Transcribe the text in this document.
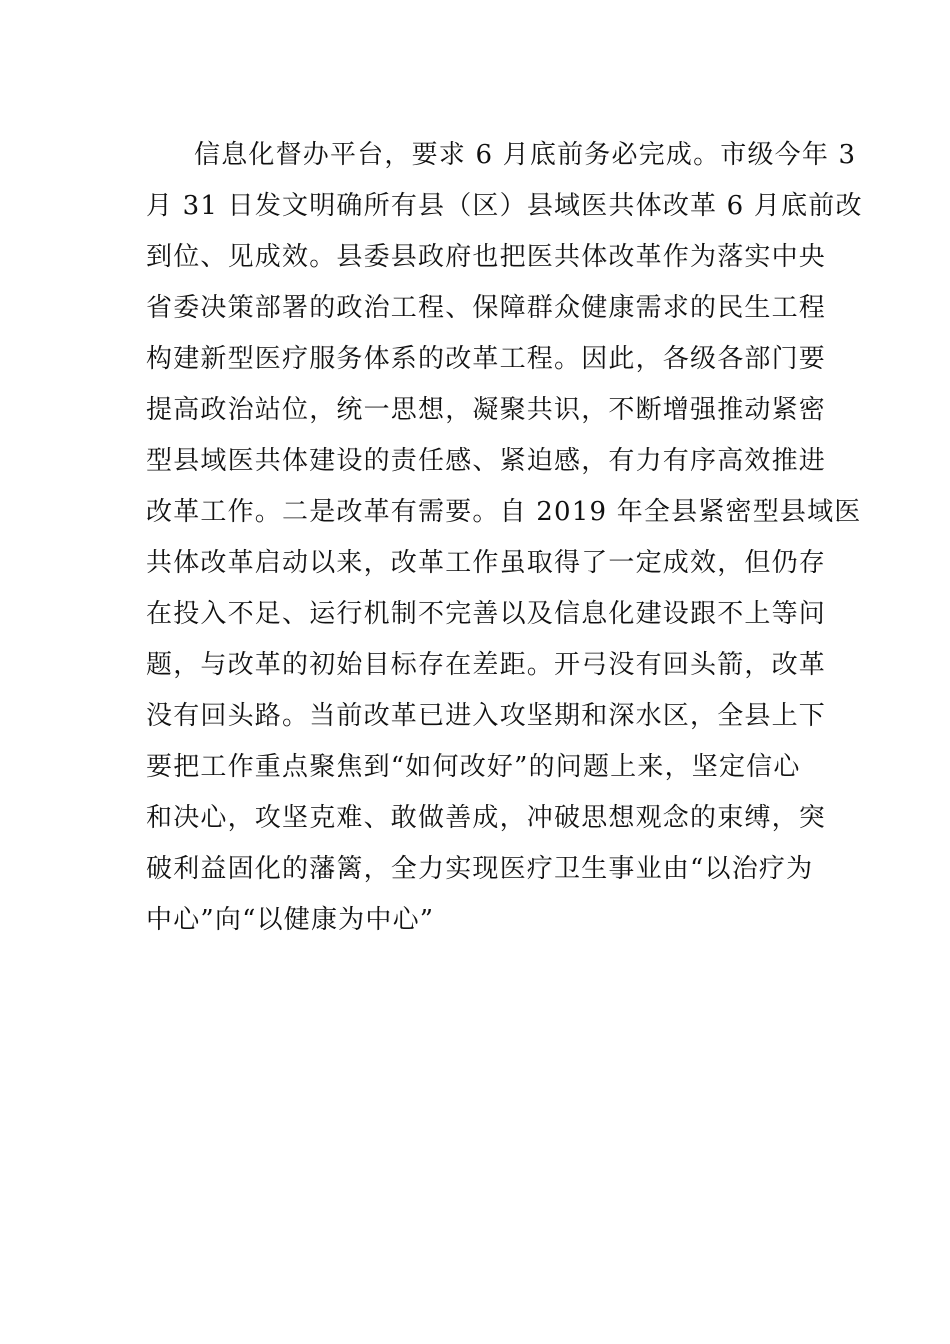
信息化督办平台，要求 6 月底前务必完成。市级今年 3
月 31 日发文明确所有县（区）县域医共体改革 6 月底前改
到位、见成效。县委县政府也把医共体改革作为落实中央
省委决策部署的政治工程、保障群众健康需求的民生工程
构建新型医疗服务体系的改革工程。因此，各级各部门要
提高政治站位，统一思想，凝聚共识，不断增强推动紧密
型县域医共体建设的责任感、紧迫感，有力有序高效推进
改革工作。二是改革有需要。自 2019 年全县紧密型县域医
共体改革启动以来，改革工作虽取得了一定成效，但仍存
在投入不足、运行机制不完善以及信息化建设跟不上等问
题，与改革的初始目标存在差距。开弓没有回头箭，改革
没有回头路。当前改革已进入攻坚期和深水区，全县上下
要把工作重点聚焦到“如何改好”的问题上来，坚定信心
和决心，攻坚克难、敢做善成，冲破思想观念的束缚，突
破利益固化的藩篱，全力实现医疗卫生事业由“以治疗为
中心”向“以健康为中心”
